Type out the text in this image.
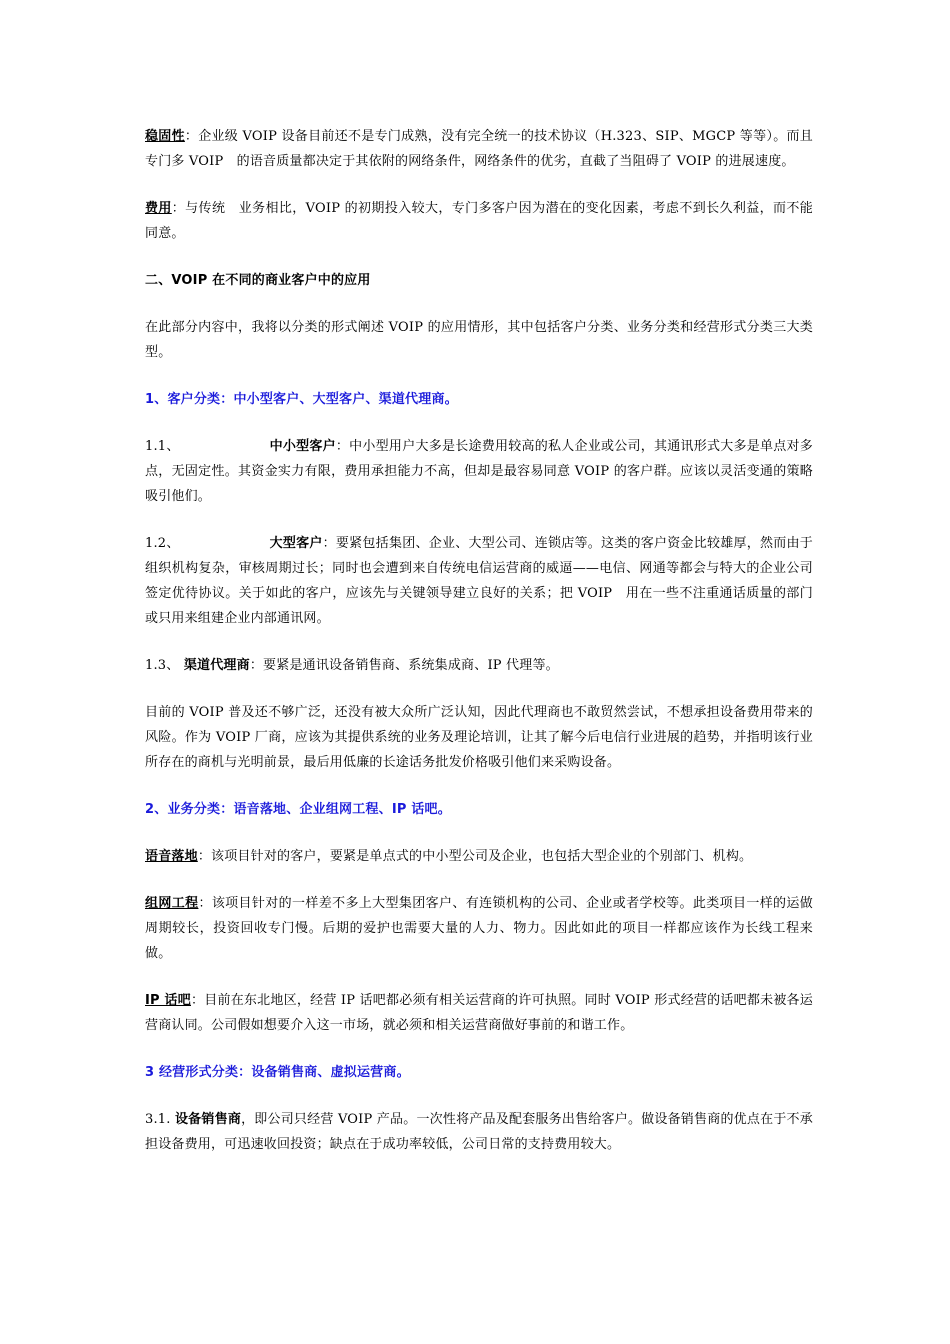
稳固性：企业级 VOIP 设备目前还不是专门成熟，没有完全统一的技术协议（H.323、SIP、MGCP 等等）。而且专门多 VOIP　的语音质量都决定于其依附的网络条件，网络条件的优劣，直截了当阻碍了 VOIP 的进展速度。

费用：与传统　业务相比，VOIP 的初期投入较大，专门多客户因为潜在的变化因素，考虑不到长久利益，而不能同意。

二、VOIP 在不同的商业客户中的应用

在此部分内容中，我将以分类的形式阐述 VOIP 的应用情形，其中包括客户分类、业务分类和经营形式分类三大类型。

1、客户分类：中小型客户、大型客户、渠道代理商。

1.1、	中小型客户：中小型用户大多是长途费用较高的私人企业或公司，其通讯形式大多是单点对多点，无固定性。其资金实力有限，费用承担能力不高，但却是最容易同意 VOIP 的客户群。应该以灵活变通的策略吸引他们。

1.2、	大型客户：要紧包括集团、企业、大型公司、连锁店等。这类的客户资金比较雄厚，然而由于组织机构复杂，审核周期过长；同时也会遭到来自传统电信运营商的威逼——电信、网通等都会与特大的企业公司签定优待协议。关于如此的客户，应该先与关键领导建立良好的关系；把 VOIP　用在一些不注重通话质量的部门或只用来组建企业内部通讯网。

1.3、 渠道代理商：要紧是通讯设备销售商、系统集成商、IP 代理等。

目前的 VOIP 普及还不够广泛，还没有被大众所广泛认知，因此代理商也不敢贸然尝试，不想承担设备费用带来的风险。作为 VOIP 厂商，应该为其提供系统的业务及理论培训，让其了解今后电信行业进展的趋势，并指明该行业所存在的商机与光明前景，最后用低廉的长途话务批发价格吸引他们来采购设备。

2、业务分类：语音落地、企业组网工程、IP 话吧。

语音落地：该项目针对的客户，要紧是单点式的中小型公司及企业，也包括大型企业的个别部门、机构。

组网工程：该项目针对的一样差不多上大型集团客户、有连锁机构的公司、企业或者学校等。此类项目一样的运做周期较长，投资回收专门慢。后期的爱护也需要大量的人力、物力。因此如此的项目一样都应该作为长线工程来做。

IP 话吧：目前在东北地区，经营 IP 话吧都必须有相关运营商的许可执照。同时 VOIP 形式经营的话吧都未被各运营商认同。公司假如想要介入这一市场，就必须和相关运营商做好事前的和谐工作。

3 经营形式分类：设备销售商、虚拟运营商。

3.1. 设备销售商，即公司只经营 VOIP 产品。一次性将产品及配套服务出售给客户。做设备销售商的优点在于不承担设备费用，可迅速收回投资；缺点在于成功率较低，公司日常的支持费用较大。
